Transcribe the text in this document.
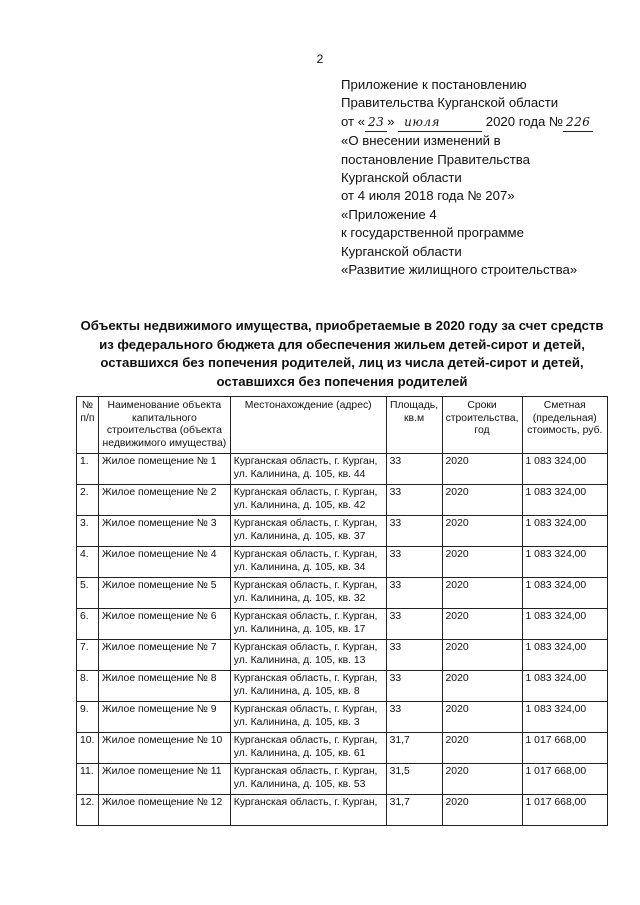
2
Приложение к постановлению
Правительства Курганской области
от « 23 » июля	2020 года № 226
«О внесении изменений в
постановление Правительства
Курганской области
от 4 июля 2018 года № 207»
«Приложение 4
к государственной программе
Курганской области
«Развитие жилищного строительства»
Объекты недвижимого имущества, приобретаемые в 2020 году за счет средств из федерального бюджета для обеспечения жильем детей-сирот и детей, оставшихся без попечения родителей, лиц из числа детей-сирот и детей, оставшихся без попечения родителей
№ п/п	Наименование объекта капитального строительства (объекта недвижимого имущества)	Местонахождение (адрес)	Площадь, кв.м	Сроки строительства, год	Сметная (предельная) стоимость, руб.
1.	Жилое помещение № 1	Курганская область, г. Курган,
ул. Калинина, д. 105, кв. 44	33	2020	1 083 324,00
2.	Жилое помещение № 2	Курганская область, г. Курган,
ул. Калинина, д. 105, кв. 42	33	2020	1 083 324,00
3.	Жилое помещение № 3	Курганская область, г. Курган,
ул. Калинина, д. 105, кв. 37	33	2020	1 083 324,00
4.	Жилое помещение № 4	Курганская область, г. Курган,
ул. Калинина, д. 105, кв. 34	33	2020	1 083 324,00
5.	Жилое помещение № 5	Курганская область, г. Курган,
ул. Калинина, д. 105, кв. 32	33	2020	1 083 324,00
6.	Жилое помещение № 6	Курганская область, г. Курган,
ул. Калинина, д. 105, кв. 17	33	2020	1 083 324,00
7.	Жилое помещение № 7	Курганская область, г. Курган,
ул. Калинина, д. 105, кв. 13	33	2020	1 083 324,00
8.	Жилое помещение № 8	Курганская область, г. Курган,
ул. Калинина, д. 105, кв. 8	33	2020	1 083 324,00
9.	Жилое помещение № 9	Курганская область, г. Курган,
ул. Калинина, д. 105, кв. 3	33	2020	1 083 324,00
10.	Жилое помещение № 10	Курганская область, г. Курган,
ул. Калинина, д. 105, кв. 61	31,7	2020	1 017 668,00
11.	Жилое помещение № 11	Курганская область, г. Курган,
ул. Калинина, д. 105, кв. 53	31,5	2020	1 017 668,00
12.	Жилое помещение № 12	Курганская область, г. Курган,	31,7	2020	1 017 668,00
